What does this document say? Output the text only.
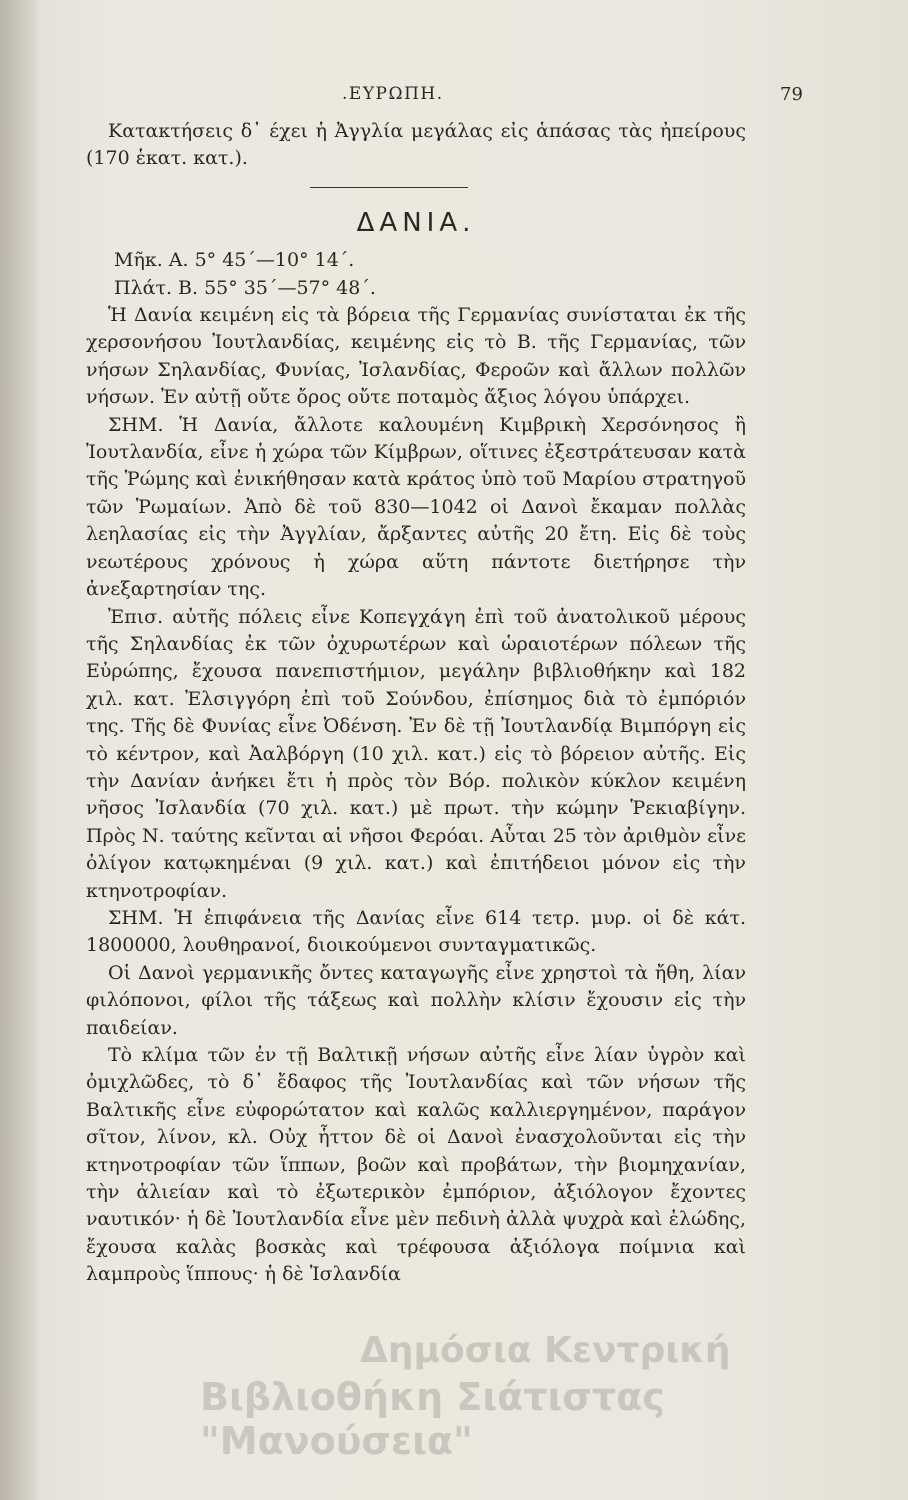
.ΕΥΡΩΠΗ.	79

Κατακτήσεις δ᾽ έχει ἡ Ἀγγλία μεγάλας εἰς ἁπάσας τὰς ἠπείρους (170 ἑκατ. κατ.).

ΔΑΝΙΑ.

Μῆκ. Α. 5° 45΄—10° 14΄.

Πλάτ. Β. 55° 35΄—57° 48΄.

Ἡ Δανία κειμένη εἰς τὰ βόρεια τῆς Γερμανίας συνίσταται ἐκ τῆς χερσονήσου Ἰουτλανδίας, κειμένης εἰς τὸ Β. τῆς Γερμανίας, τῶν νήσων Σηλανδίας, Φυνίας, Ἰσλανδίας, Φεροῶν καὶ ἄλλων πολλῶν νήσων. Ἐν αὐτῇ οὔτε ὄρος οὔτε ποταμὸς ἄξιος λόγου ὑπάρχει.

ΣΗΜ. Ἡ Δανία, ἄλλοτε καλουμένη Κιμβρικὴ Χερσόνησος ἢ Ἰουτλανδία, εἶνε ἡ χώρα τῶν Κίμβρων, οἵτινες ἐξεστράτευσαν κατὰ τῆς Ῥώμης καὶ ἐνικήθησαν κατὰ κράτος ὑπὸ τοῦ Μαρίου στρατηγοῦ τῶν Ῥωμαίων. Ἀπὸ δὲ τοῦ 830—1042 οἱ Δανοὶ ἔκαμαν πολλὰς λεηλασίας εἰς τὴν Ἀγγλίαν, ἄρξαντες αὐτῆς 20 ἔτη. Εἰς δὲ τοὺς νεωτέρους χρόνους ἡ χώρα αὕτη πάντοτε διετήρησε τὴν ἀνεξαρτησίαν της.

Ἐπισ. αὐτῆς πόλεις εἶνε Κοπεγχάγη ἐπὶ τοῦ ἀνατολικοῦ μέρους τῆς Σηλανδίας ἐκ τῶν ὀχυρωτέρων καὶ ὡραιοτέρων πόλεων τῆς Εὐρώπης, ἔχουσα πανεπιστήμιον, μεγάλην βιβλιοθήκην καὶ 182 χιλ. κατ. Ἐλσιγγόρη ἐπὶ τοῦ Σούνδου, ἐπίσημος διὰ τὸ ἐμπόριόν της. Τῆς δὲ Φυνίας εἶνε Ὀδένση. Ἐν δὲ τῇ Ἰουτλανδίᾳ Βιμπόργη εἰς τὸ κέντρον, καὶ Ἀαλβόργη (10 χιλ. κατ.) εἰς τὸ βόρειον αὐτῆς. Εἰς τὴν Δανίαν ἀνήκει ἔτι ἡ πρὸς τὸν Βόρ. πολικὸν κύκλον κειμένη νῆσος Ἰσλανδία (70 χιλ. κατ.) μὲ πρωτ. τὴν κώμην Ῥεκιαβίγην. Πρὸς Ν. ταύτης κεῖνται αἱ νῆσοι Φερόαι. Αὗται 25 τὸν ἀριθμὸν εἶνε ὀλίγον κατῳκημέναι (9 χιλ. κατ.) καὶ ἐπιτήδειοι μόνον εἰς τὴν κτηνοτροφίαν.

ΣΗΜ. Ἡ ἐπιφάνεια τῆς Δανίας εἶνε 614 τετρ. μυρ. οἱ δὲ κάτ. 1800000, λουθηρανοί, διοικούμενοι συνταγματικῶς.

Οἱ Δανοὶ γερμανικῆς ὄντες καταγωγῆς εἶνε χρηστοὶ τὰ ἤθη, λίαν φιλόπονοι, φίλοι τῆς τάξεως καὶ πολλὴν κλίσιν ἔχουσιν εἰς τὴν παιδείαν.

Τὸ κλίμα τῶν ἐν τῇ Βαλτικῇ νήσων αὐτῆς εἶνε λίαν ὑγρὸν καὶ ὀμιχλῶδες, τὸ δ᾽ ἔδαφος τῆς Ἰουτλανδίας καὶ τῶν νήσων τῆς Βαλτικῆς εἶνε εὐφορώτατον καὶ καλῶς καλλιεργημένον, παράγον σῖτον, λίνον, κλ. Οὐχ ἧττον δὲ οἱ Δανοὶ ἐνασχολοῦνται εἰς τὴν κτηνοτροφίαν τῶν ἵππων, βοῶν καὶ προβάτων, τὴν βιομηχανίαν, τὴν ἁλιείαν καὶ τὸ ἐξωτερικὸν ἐμπόριον, ἀξιόλογον ἔχοντες ναυτικόν· ἡ δὲ Ἰουτλανδία εἶνε μὲν πεδινὴ ἀλλὰ ψυχρὰ καὶ ἑλώδης, ἔχουσα καλὰς βοσκὰς καὶ τρέφουσα ἀξιόλογα ποίμνια καὶ λαμπροὺς ἵππους· ἡ δὲ Ἰσλανδία

Δημόσια Κεντρική
Βιβλιοθήκη Σιάτιστας "Μανούσεια"
